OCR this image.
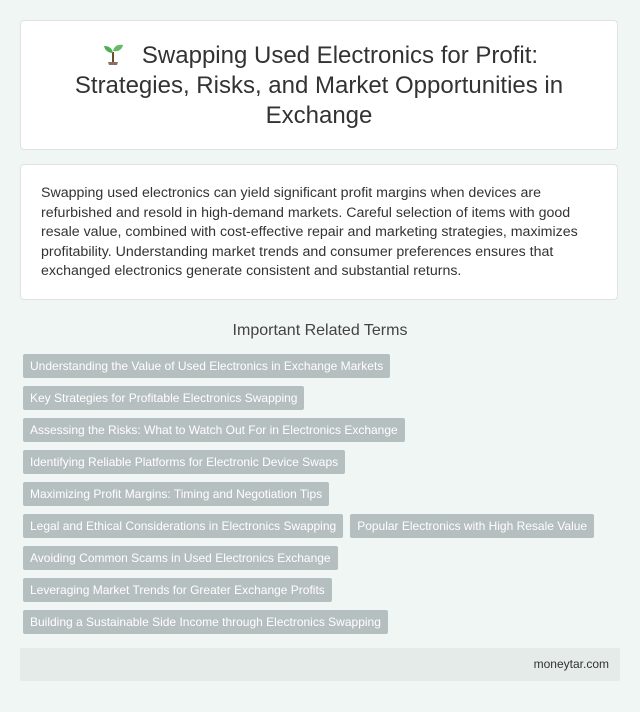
Swapping Used Electronics for Profit: Strategies, Risks, and Market Opportunities in Exchange

Swapping used electronics can yield significant profit margins when devices are refurbished and resold in high-demand markets. Careful selection of items with good resale value, combined with cost-effective repair and marketing strategies, maximizes profitability. Understanding market trends and consumer preferences ensures that exchanged electronics generate consistent and substantial returns.

Important Related Terms
Understanding the Value of Used Electronics in Exchange Markets
Key Strategies for Profitable Electronics Swapping
Assessing the Risks: What to Watch Out For in Electronics Exchange
Identifying Reliable Platforms for Electronic Device Swaps
Maximizing Profit Margins: Timing and Negotiation Tips
Legal and Ethical Considerations in Electronics Swapping	Popular Electronics with High Resale Value
Avoiding Common Scams in Used Electronics Exchange
Leveraging Market Trends for Greater Exchange Profits
Building a Sustainable Side Income through Electronics Swapping
moneytar.com
